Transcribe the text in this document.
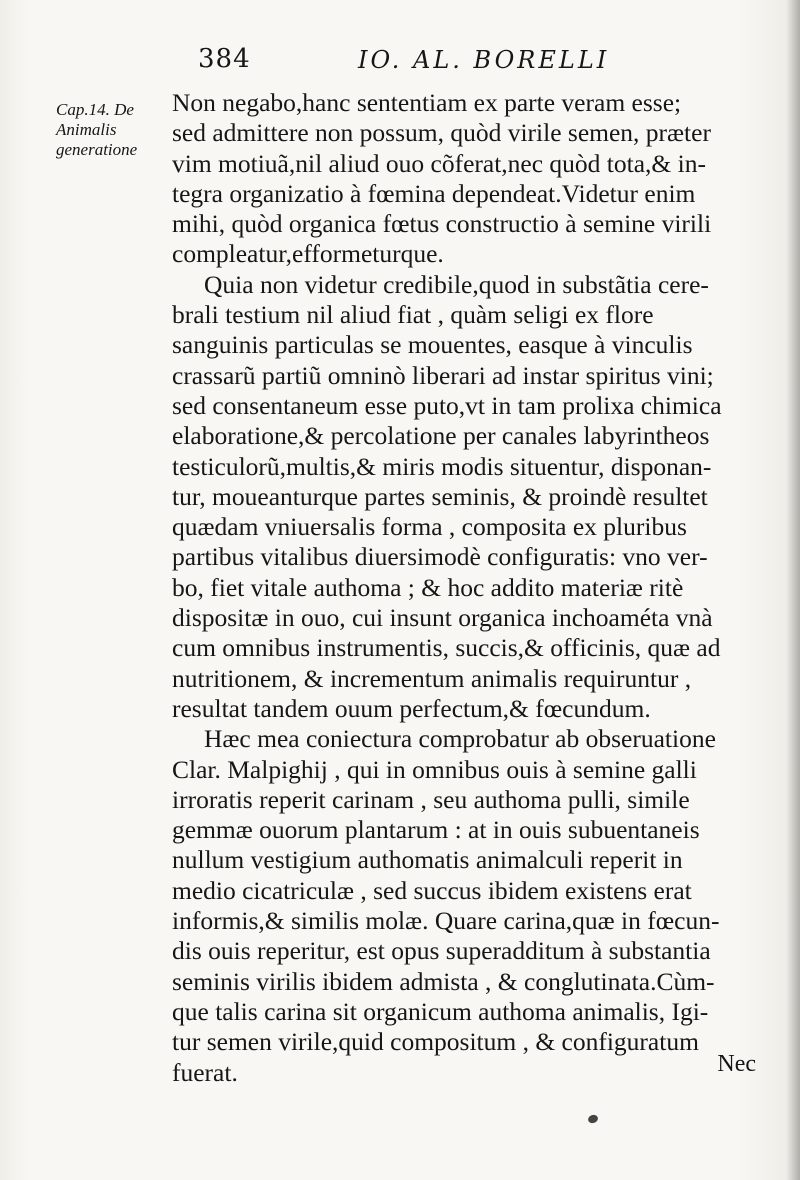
384	IO. AL. BORELLI
Cap.14. De
Animalis
generatione
Non negabo,hanc sententiam ex parte veram esse;
sed admittere non possum, quòd virile semen, præter
vim motiuã,nil aliud ouo cõferat,nec quòd tota,& in-
tegra organizatio à fœmina dependeat.Videtur enim
mihi, quòd organica fœtus constructio à semine virili
compleatur,efformeturque.
Quia non videtur credibile,quod in substãtia cere-
brali testium nil aliud fiat , quàm seligi ex flore
sanguinis particulas se mouentes, easque à vinculis
crassarũ partiũ omninò liberari ad instar spiritus vini;
sed consentaneum esse puto,vt in tam prolixa chimica
elaboratione,& percolatione per canales labyrintheos
testiculorũ,multis,& miris modis situentur, disponan-
tur, moueanturque partes seminis, & proindè resultet
quædam vniuersalis forma , composita ex pluribus
partibus vitalibus diuersimodè configuratis: vno ver-
bo, fiet vitale authoma ; & hoc addito materiæ ritè
dispositæ in ouo, cui insunt organica inchoaméta vnà
cum omnibus instrumentis, succis,& officinis, quæ ad
nutritionem, & incrementum animalis requiruntur ,
resultat tandem ouum perfectum,& fœcundum.
Hæc mea coniectura comprobatur ab obseruatione
Clar. Malpighij , qui in omnibus ouis à semine galli
irroratis reperit carinam , seu authoma pulli, simile
gemmæ ouorum plantarum : at in ouis subuentaneis
nullum vestigium authomatis animalculi reperit in
medio cicatriculæ , sed succus ibidem existens erat
informis,& similis molæ. Quare carina,quæ in fœcun-
dis ouis reperitur, est opus superadditum à substantia
seminis virilis ibidem admista , & conglutinata.Cùm-
que talis carina sit organicum authoma animalis, Igi-
tur semen virile,quid compositum , & configuratum
fuerat.	Nec
